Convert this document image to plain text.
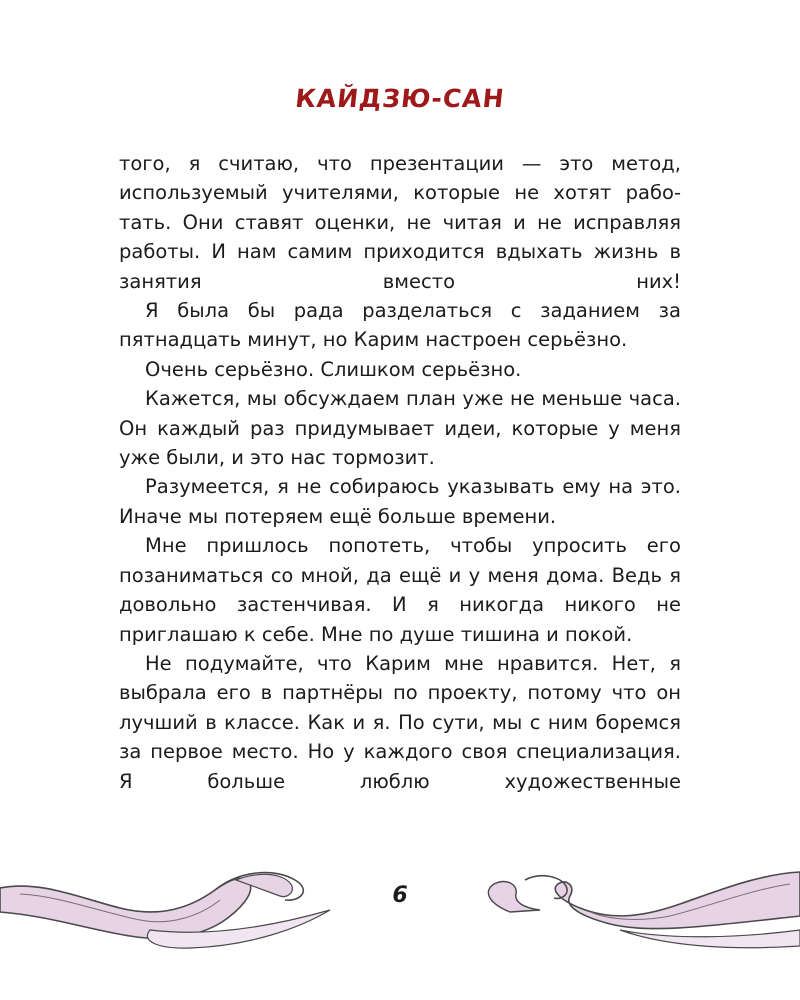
КАЙДЗЮ-САН

того, я считаю, что презентации — это метод, используемый учителями, которые не хотят рабо-тать. Они ставят оценки, не читая и не исправляя работы. И нам самим приходится вдыхать жизнь в занятия вместо них!

Я была бы рада разделаться с заданием за пятнадцать минут, но Карим настроен серьёзно.

Очень серьёзно. Слишком серьёзно.

Кажется, мы обсуждаем план уже не меньше часа. Он каждый раз придумывает идеи, которые у меня уже были, и это нас тормозит.

Разумеется, я не собираюсь указывать ему на это. Иначе мы потеряем ещё больше времени.

Мне пришлось попотеть, чтобы упросить его позаниматься со мной, да ещё и у меня дома. Ведь я довольно застенчивая. И я никогда никого не приглашаю к себе. Мне по душе тишина и покой.

Не подумайте, что Карим мне нравится. Нет, я выбрала его в партнёры по проекту, потому что он лучший в классе. Как и я. По сути, мы с ним боремся за первое место. Но у каждого своя специализация. Я больше люблю художественные

6
